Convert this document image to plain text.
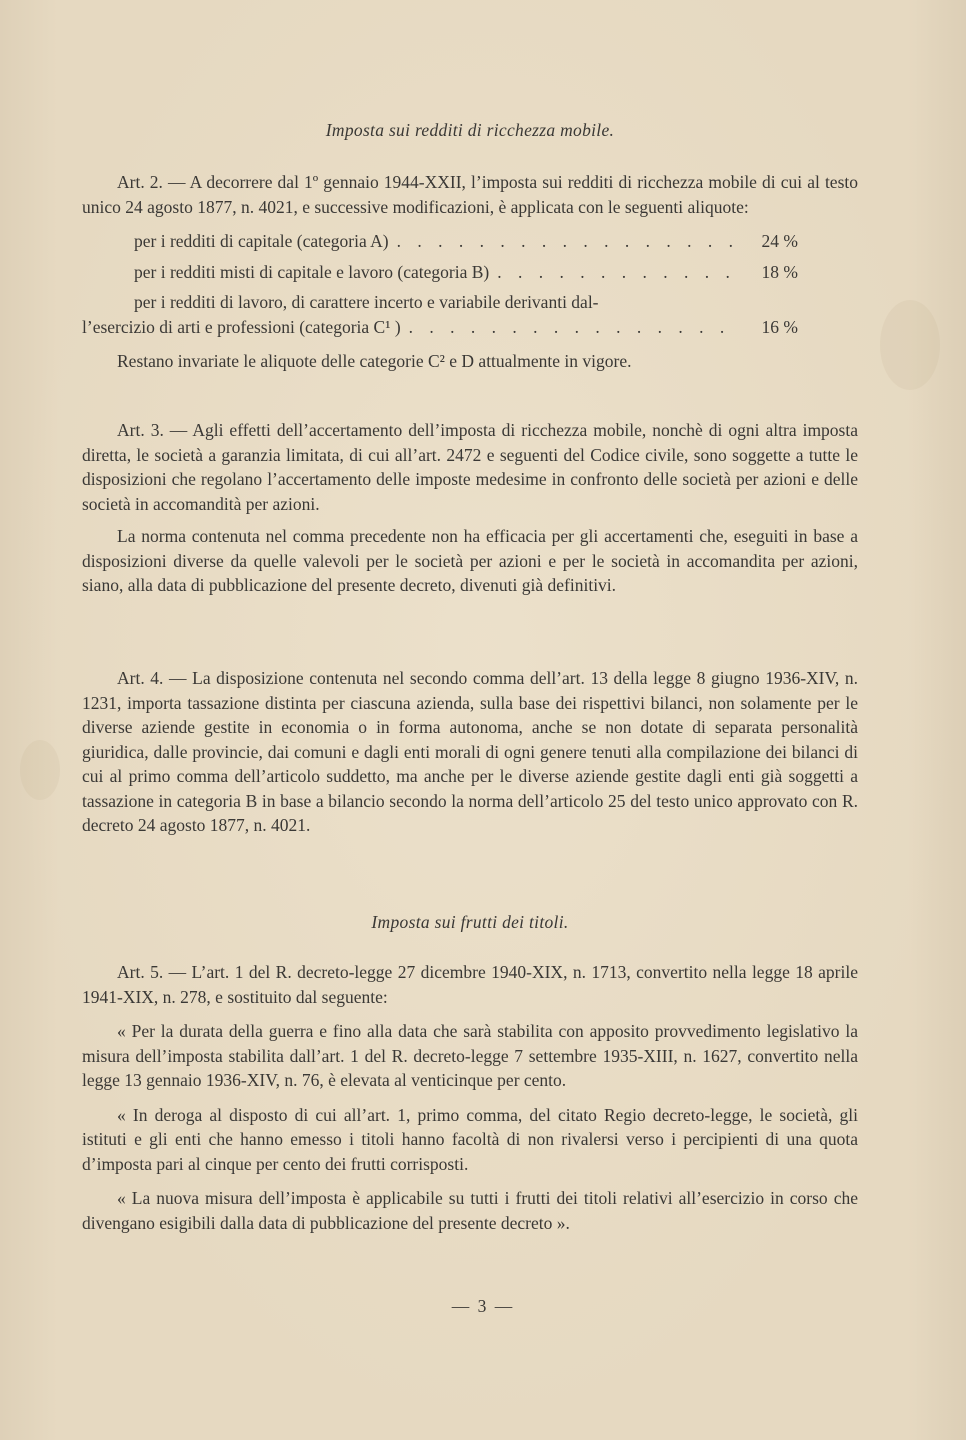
Imposta sui redditi di ricchezza mobile.

Art. 2. — A decorrere dal 1º gennaio 1944-XXII, l’imposta sui redditi di ricchezza mobile di cui al testo unico 24 agosto 1877, n. 4021, e successive modificazioni, è applicata con le seguenti aliquote:

per i redditi di capitale (categoria A) . . .	24 %
per i redditi misti di capitale e lavoro (categoria B) . . .	18 %
per i redditi di lavoro, di carattere incerto e variabile derivanti dal-
l’esercizio di arti e professioni (categoria C¹ ) . . .	16 %

Restano invariate le aliquote delle categorie C² e D attualmente in vigore.

Art. 3. — Agli effetti dell’accertamento dell’imposta di ricchezza mobile, nonchè di ogni altra imposta diretta, le società a garanzia limitata, di cui all’art. 2472 e seguenti del Codice civile, sono soggette a tutte le disposizioni che regolano l’accertamento delle imposte medesime in confronto delle società per azioni e delle società in accomandità per azioni.

La norma contenuta nel comma precedente non ha efficacia per gli accertamenti che, eseguiti in base a disposizioni diverse da quelle valevoli per le società per azioni e per le società in accomandita per azioni, siano, alla data di pubblicazione del presente decreto, divenuti già definitivi.

Art. 4. — La disposizione contenuta nel secondo comma dell’art. 13 della legge 8 giugno 1936-XIV, n. 1231, importa tassazione distinta per ciascuna azienda, sulla base dei rispettivi bilanci, non solamente per le diverse aziende gestite in economia o in forma autonoma, anche se non dotate di separata personalità giuridica, dalle provincie, dai comuni e dagli enti morali di ogni genere tenuti alla compilazione dei bilanci di cui al primo comma dell’articolo suddetto, ma anche per le diverse aziende gestite dagli enti già soggetti a tassazione in categoria B in base a bilancio secondo la norma dell’articolo 25 del testo unico approvato con R. decreto 24 agosto 1877, n. 4021.

Imposta sui frutti dei titoli.

Art. 5. — L’art. 1 del R. decreto-legge 27 dicembre 1940-XIX, n. 1713, convertito nella legge 18 aprile 1941-XIX, n. 278, e sostituito dal seguente:

« Per la durata della guerra e fino alla data che sarà stabilita con apposito provvedimento legislativo la misura dell’imposta stabilita dall’art. 1 del R. decreto-legge 7 settembre 1935-XIII, n. 1627, convertito nella legge 13 gennaio 1936-XIV, n. 76, è elevata al venticinque per cento.

« In deroga al disposto di cui all’art. 1, primo comma, del citato Regio decreto-legge, le società, gli istituti e gli enti che hanno emesso i titoli hanno facoltà di non rivalersi verso i percipienti di una quota d’imposta pari al cinque per cento dei frutti corrisposti.

« La nuova misura dell’imposta è applicabile su tutti i frutti dei titoli relativi all’esercizio in corso che divengano esigibili dalla data di pubblicazione del presente decreto ».

— 3 —
